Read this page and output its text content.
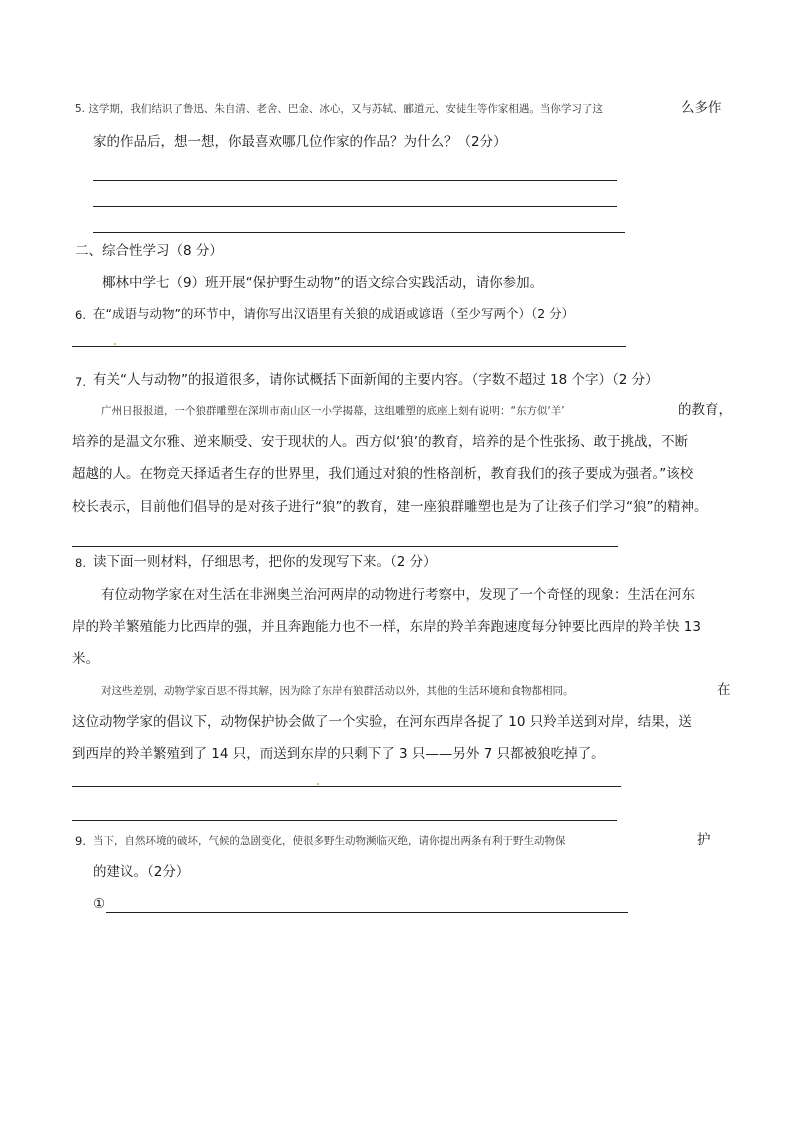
5. 这学期，我们结识了鲁迅、朱自清、老舍、巴金、冰心，又与苏轼、郦道元、安徒生等作家相遇。当你学习了这	么多作
家的作品后，想一想，你最喜欢哪几位作家的作品？为什么？（2分）
二、综合性学习（8 分）
椰林中学七（9）班开展“保护野生动物”的语文综合实践活动，请你参加。
6. 在“成语与动物”的环节中，请你写出汉语里有关狼的成语或谚语（至少写两个）（2 分）
7. 有关“人与动物”的报道很多，请你试概括下面新闻的主要内容。（字数不超过 18 个字）（2 分）
广州日报报道，一个狼群雕塑在深圳市南山区一小学揭幕，这组雕塑的底座上刻有说明：“东方似‘羊’	的教育，
培养的是温文尔雅、逆来顺受、安于现状的人。西方似‘狼’的教育，培养的是个性张扬、敢于挑战，不断
超越的人。在物竞天择适者生存的世界里，我们通过对狼的性格剖析，教育我们的孩子要成为强者。”该校
校长表示，目前他们倡导的是对孩子进行“狼”的教育，建一座狼群雕塑也是为了让孩子们学习“狼”的精神。
8. 读下面一则材料，仔细思考，把你的发现写下来。（2 分）
有位动物学家在对生活在非洲奥兰治河两岸的动物进行考察中，发现了一个奇怪的现象：生活在河东
岸的羚羊繁殖能力比西岸的强，并且奔跑能力也不一样，东岸的羚羊奔跑速度每分钟要比西岸的羚羊快 13
米。
对这些差别，动物学家百思不得其解，因为除了东岸有狼群活动以外，其他的生活环境和食物都相同。	在
这位动物学家的倡议下，动物保护协会做了一个实验，在河东西岸各捉了 10 只羚羊送到对岸，结果，送
到西岸的羚羊繁殖到了 14 只，而送到东岸的只剩下了 3 只——另外 7 只都被狼吃掉了。
9. 当下，自然环境的破坏，气候的急剧变化，使很多野生动物濒临灭绝，请你提出两条有利于野生动物保	护
的建议。（2分）
①
